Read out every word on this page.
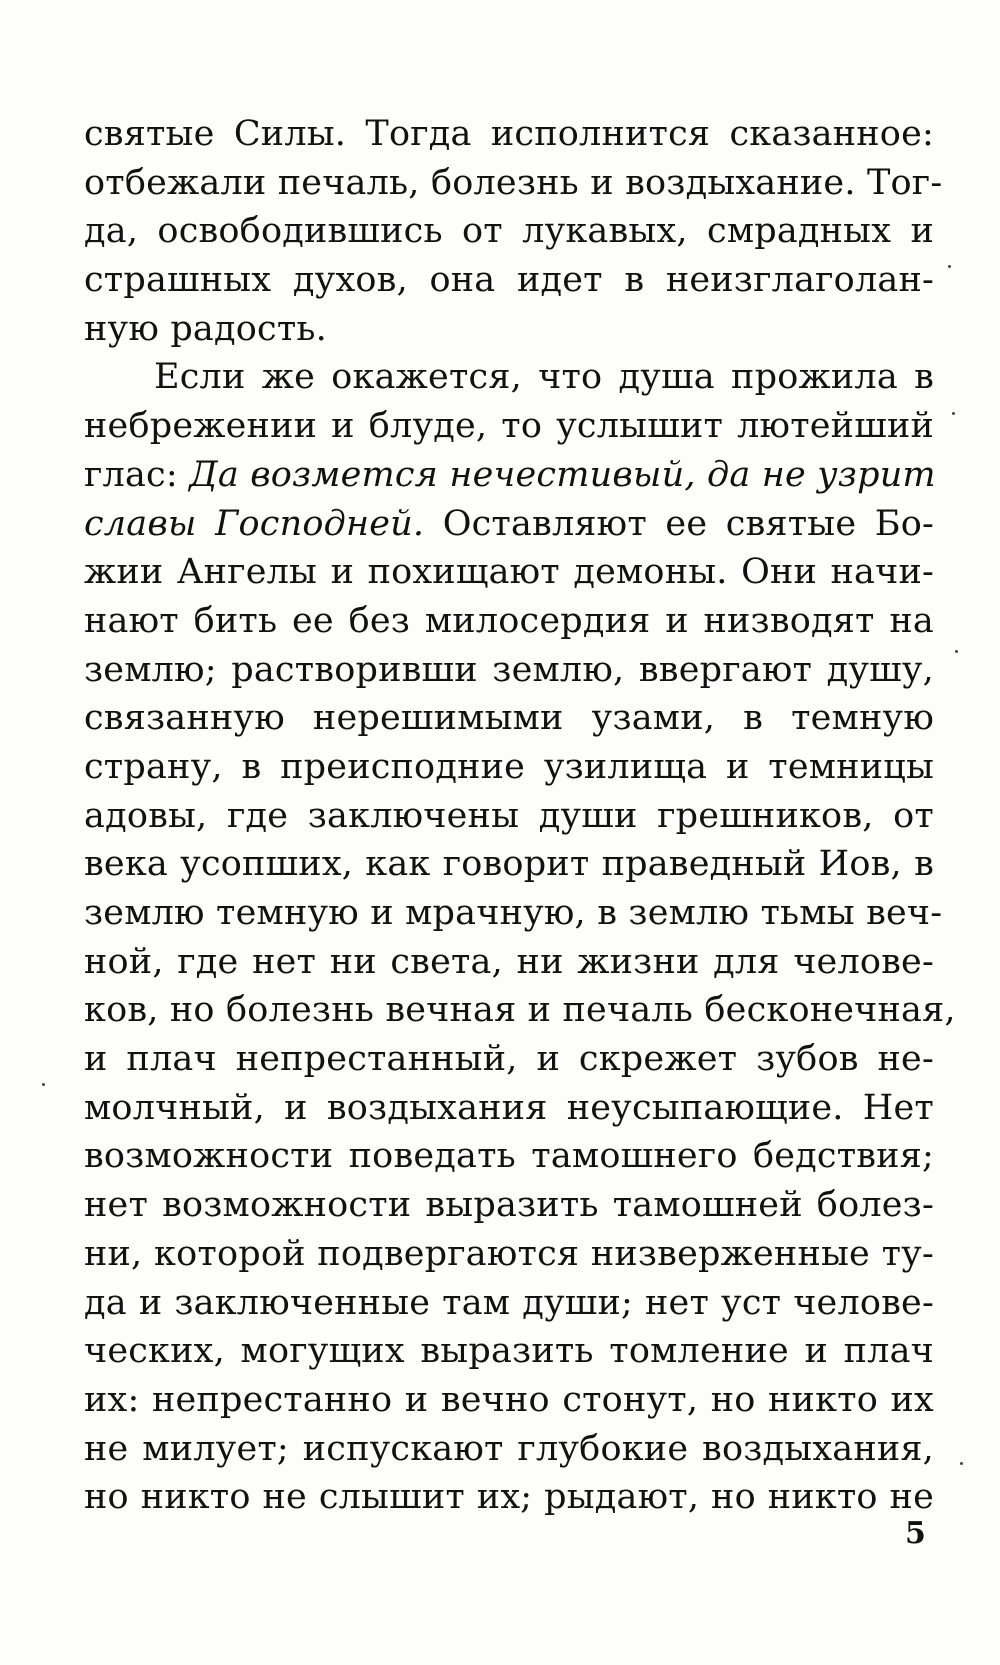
святые Силы. Тогда исполнится сказанное:
отбежали печаль, болезнь и воздыхание. Тог-
да, освободившись от лукавых, смрадных и
страшных духов, она идет в неизглаголан-
ную радость.
Если же окажется, что душа прожила в
небрежении и блуде, то услышит лютейший
глас: Да возмется нечестивый, да не узрит
славы Господней. Оставляют ее святые Бо-
жии Ангелы и похищают демоны. Они начи-
нают бить ее без милосердия и низводят на
землю; растворивши землю, ввергают душу,
связанную нерешимыми узами, в темную
страну, в преисподние узилища и темницы
адовы, где заключены души грешников, от
века усопших, как говорит праведный Иов, в
землю темную и мрачную, в землю тьмы веч-
ной, где нет ни света, ни жизни для челове-
ков, но болезнь вечная и печаль бесконечная,
и плач непрестанный, и скрежет зубов не-
молчный, и воздыхания неусыпающие. Нет
возможности поведать тамошнего бедствия;
нет возможности выразить тамошней болез-
ни, которой подвергаются низверженные ту-
да и заключенные там души; нет уст челове-
ческих, могущих выразить томление и плач
их: непрестанно и вечно стонут, но никто их
не милует; испускают глубокие воздыхания,
но никто не слышит их; рыдают, но никто не
5
